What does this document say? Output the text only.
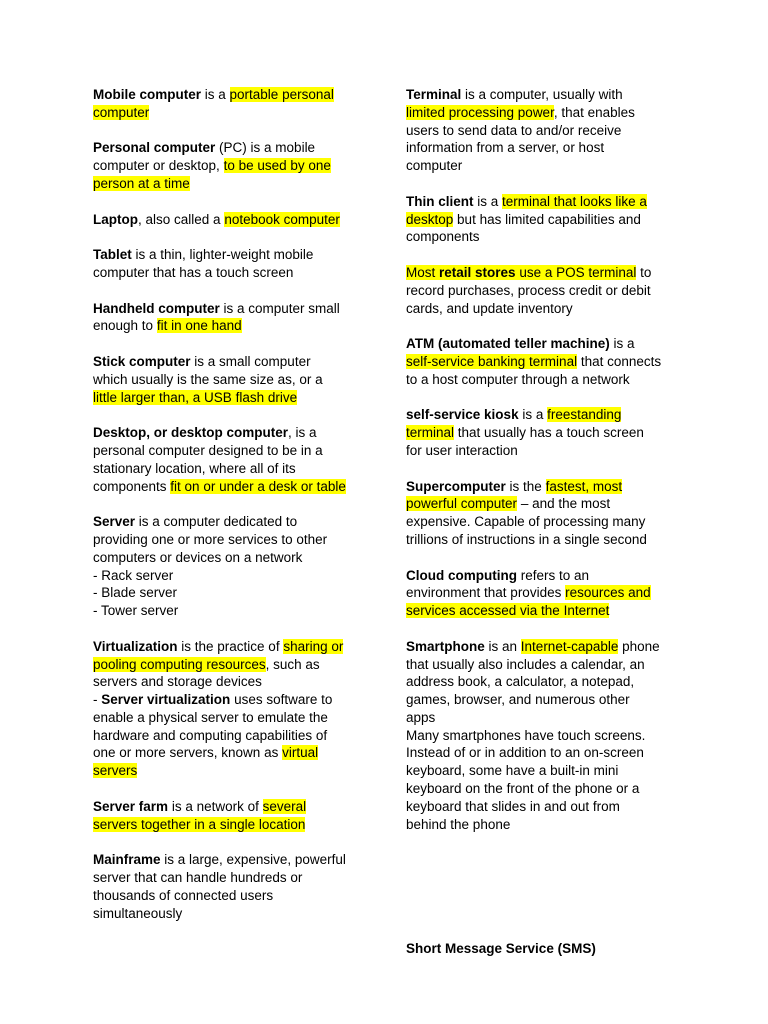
Mobile computer is a portable personal
computer
Personal computer (PC) is a mobile
computer or desktop, to be used by one
person at a time
Laptop, also called a notebook computer
Tablet is a thin, lighter-weight mobile
computer that has a touch screen
Handheld computer is a computer small
enough to fit in one hand
Stick computer is a small computer
which usually is the same size as, or a
little larger than, a USB flash drive
Desktop, or desktop computer, is a
personal computer designed to be in a
stationary location, where all of its
components fit on or under a desk or table
Server is a computer dedicated to
providing one or more services to other
computers or devices on a network
- Rack server
- Blade server
- Tower server
Virtualization is the practice of sharing or
pooling computing resources, such as
servers and storage devices
- Server virtualization uses software to
enable a physical server to emulate the
hardware and computing capabilities of
one or more servers, known as virtual
servers
Server farm is a network of several
servers together in a single location
Mainframe is a large, expensive, powerful
server that can handle hundreds or
thousands of connected users
simultaneously
Terminal is a computer, usually with
limited processing power, that enables
users to send data to and/or receive
information from a server, or host
computer
Thin client is a terminal that looks like a
desktop but has limited capabilities and
components
Most retail stores use a POS terminal to
record purchases, process credit or debit
cards, and update inventory
ATM (automated teller machine) is a
self-service banking terminal that connects
to a host computer through a network
self-service kiosk is a freestanding
terminal that usually has a touch screen
for user interaction
Supercomputer is the fastest, most
powerful computer – and the most
expensive. Capable of processing many
trillions of instructions in a single second
Cloud computing refers to an
environment that provides resources and
services accessed via the Internet
Smartphone is an Internet-capable phone
that usually also includes a calendar, an
address book, a calculator, a notepad,
games, browser, and numerous other
apps
Many smartphones have touch screens.
Instead of or in addition to an on-screen
keyboard, some have a built-in mini
keyboard on the front of the phone or a
keyboard that slides in and out from
behind the phone
Short Message Service (SMS)
